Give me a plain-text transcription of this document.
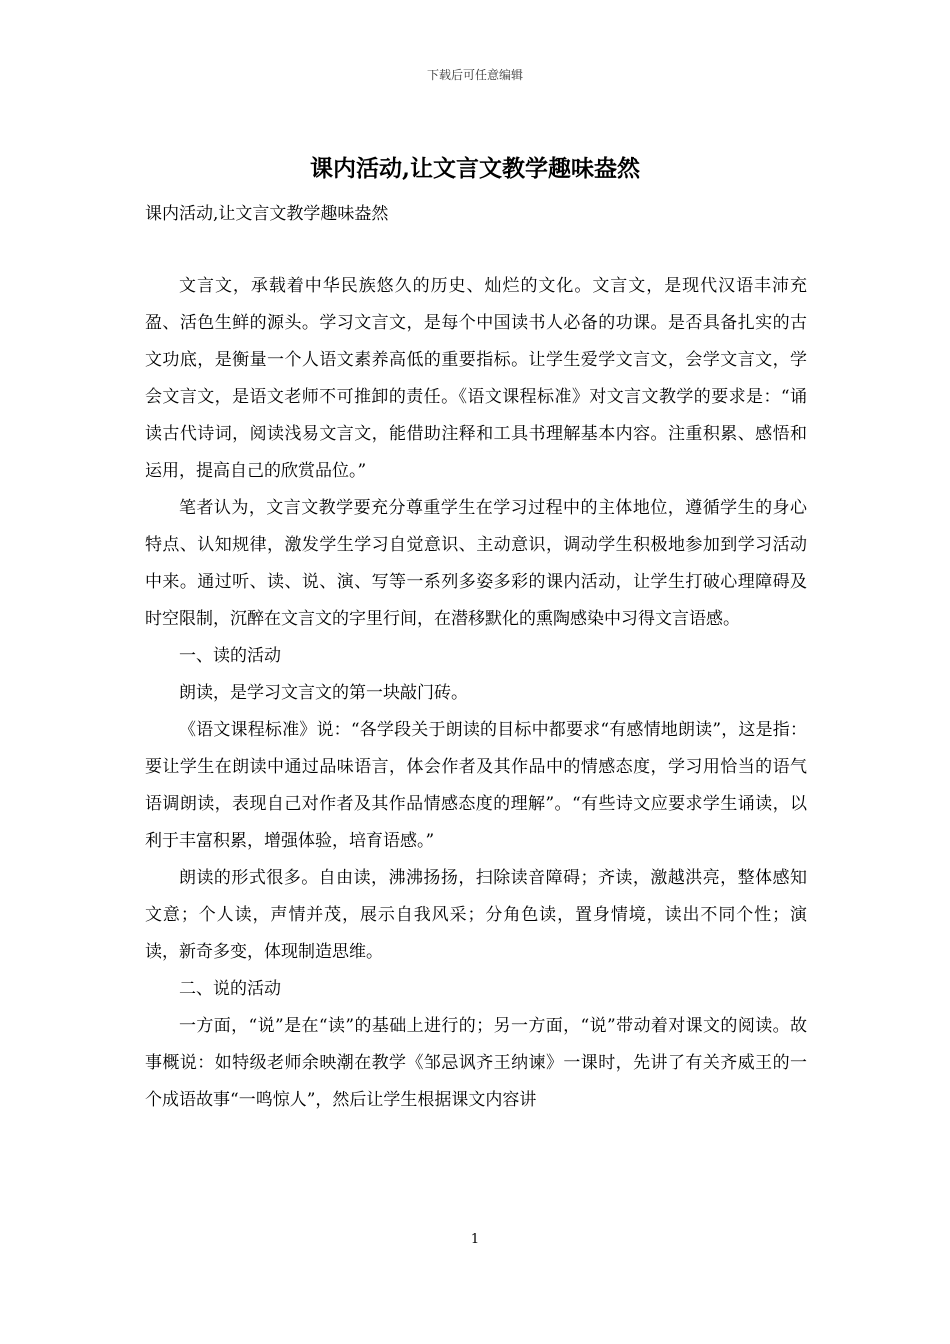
下载后可任意编辑
课内活动,让文言文教学趣味盎然
课内活动,让文言文教学趣味盎然

文言文，承载着中华民族悠久的历史、灿烂的文化。文言文，是现代汉语丰沛充盈、活色生鲜的源头。学习文言文，是每个中国读书人必备的功课。是否具备扎实的古文功底，是衡量一个人语文素养高低的重要指标。让学生爱学文言文，会学文言文，学会文言文，是语文老师不可推卸的责任。《语文课程标准》对文言文教学的要求是：“诵读古代诗词，阅读浅易文言文，能借助注释和工具书理解基本内容。注重积累、感悟和运用，提高自己的欣赏品位。”

笔者认为，文言文教学要充分尊重学生在学习过程中的主体地位，遵循学生的身心特点、认知规律，激发学生学习自觉意识、主动意识，调动学生积极地参加到学习活动中来。通过听、读、说、演、写等一系列多姿多彩的课内活动，让学生打破心理障碍及时空限制，沉醉在文言文的字里行间，在潜移默化的熏陶感染中习得文言语感。

一、读的活动

朗读，是学习文言文的第一块敲门砖。

《语文课程标准》说：“各学段关于朗读的目标中都要求“有感情地朗读”，这是指：要让学生在朗读中通过品味语言，体会作者及其作品中的情感态度，学习用恰当的语气语调朗读，表现自己对作者及其作品情感态度的理解”。“有些诗文应要求学生诵读，以利于丰富积累，增强体验，培育语感。”

朗读的形式很多。自由读，沸沸扬扬，扫除读音障碍；齐读，激越洪亮，整体感知文意；个人读，声情并茂，展示自我风采；分角色读，置身情境，读出不同个性；演读，新奇多变，体现制造思维。

二、说的活动

一方面，“说”是在“读”的基础上进行的；另一方面，“说”带动着对课文的阅读。故事概说：如特级老师余映潮在教学《邹忌讽齐王纳谏》一课时，先讲了有关齐威王的一个成语故事“一鸣惊人”，然后让学生根据课文内容讲

1
